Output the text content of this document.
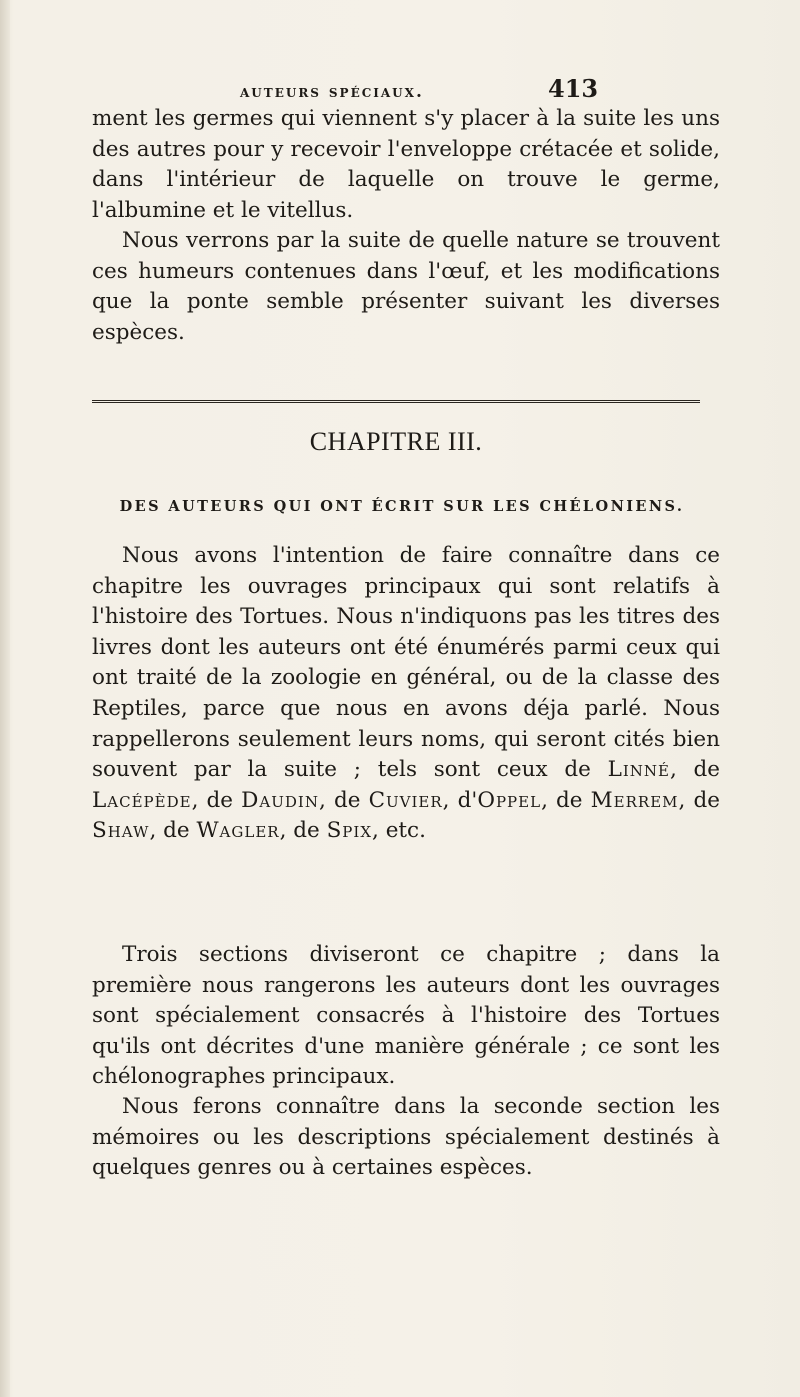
auteurs spéciaux.	413

ment les germes qui viennent s'y placer à la suite les uns des autres pour y recevoir l'enveloppe crétacée et solide, dans l'intérieur de laquelle on trouve le germe, l'albumine et le vitellus.

Nous verrons par la suite de quelle nature se trouvent ces humeurs contenues dans l'œuf, et les modifications que la ponte semble présenter suivant les diverses espèces.

CHAPITRE III.
DES AUTEURS QUI ONT ÉCRIT SUR LES CHÉLONIENS.

Nous avons l'intention de faire connaître dans ce chapitre les ouvrages principaux qui sont relatifs à l'histoire des Tortues. Nous n'indiquons pas les titres des livres dont les auteurs ont été énumérés parmi ceux qui ont traité de la zoologie en général, ou de la classe des Reptiles, parce que nous en avons déja parlé. Nous rappellerons seulement leurs noms, qui seront cités bien souvent par la suite ; tels sont ceux de Linné, de Lacépède, de Daudin, de Cuvier, d'Oppel, de Merrem, de Shaw, de Wagler, de Spix, etc.

Trois sections diviseront ce chapitre ; dans la première nous rangerons les auteurs dont les ouvrages sont spécialement consacrés à l'histoire des Tortues qu'ils ont décrites d'une manière générale ; ce sont les chélonographes principaux.

Nous ferons connaître dans la seconde section les mémoires ou les descriptions spécialement destinés à quelques genres ou à certaines espèces.
